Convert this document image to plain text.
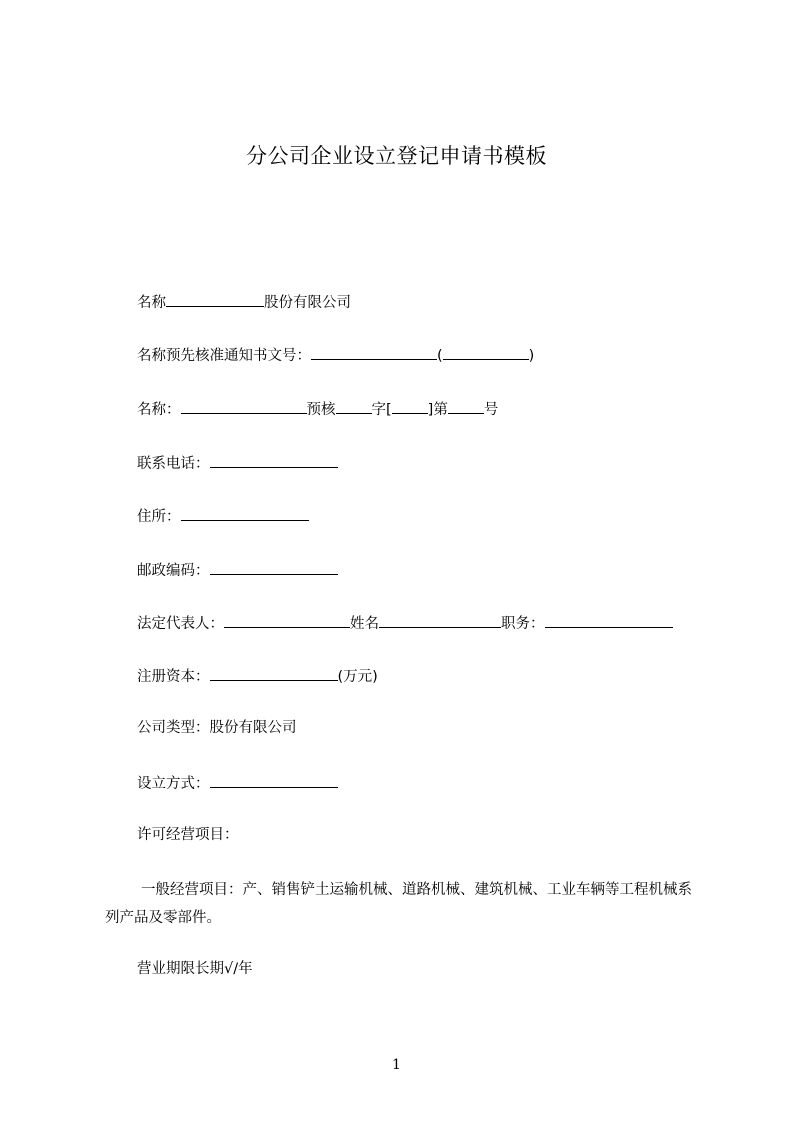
分公司企业设立登记申请书模板
名称	股份有限公司
名称预先核准通知书文号：	(	)
名称：	预核 字[ ]第 号
联系电话：
住所：
邮政编码：
法定代表人：	姓名	职务：
注册资本：	(万元)
公司类型：股份有限公司
设立方式：
许可经营项目：
一般经营项目：产、销售铲土运输机械、道路机械、建筑机械、工业车辆等工程机械系列产品及零部件。
营业期限长期√/年
1
